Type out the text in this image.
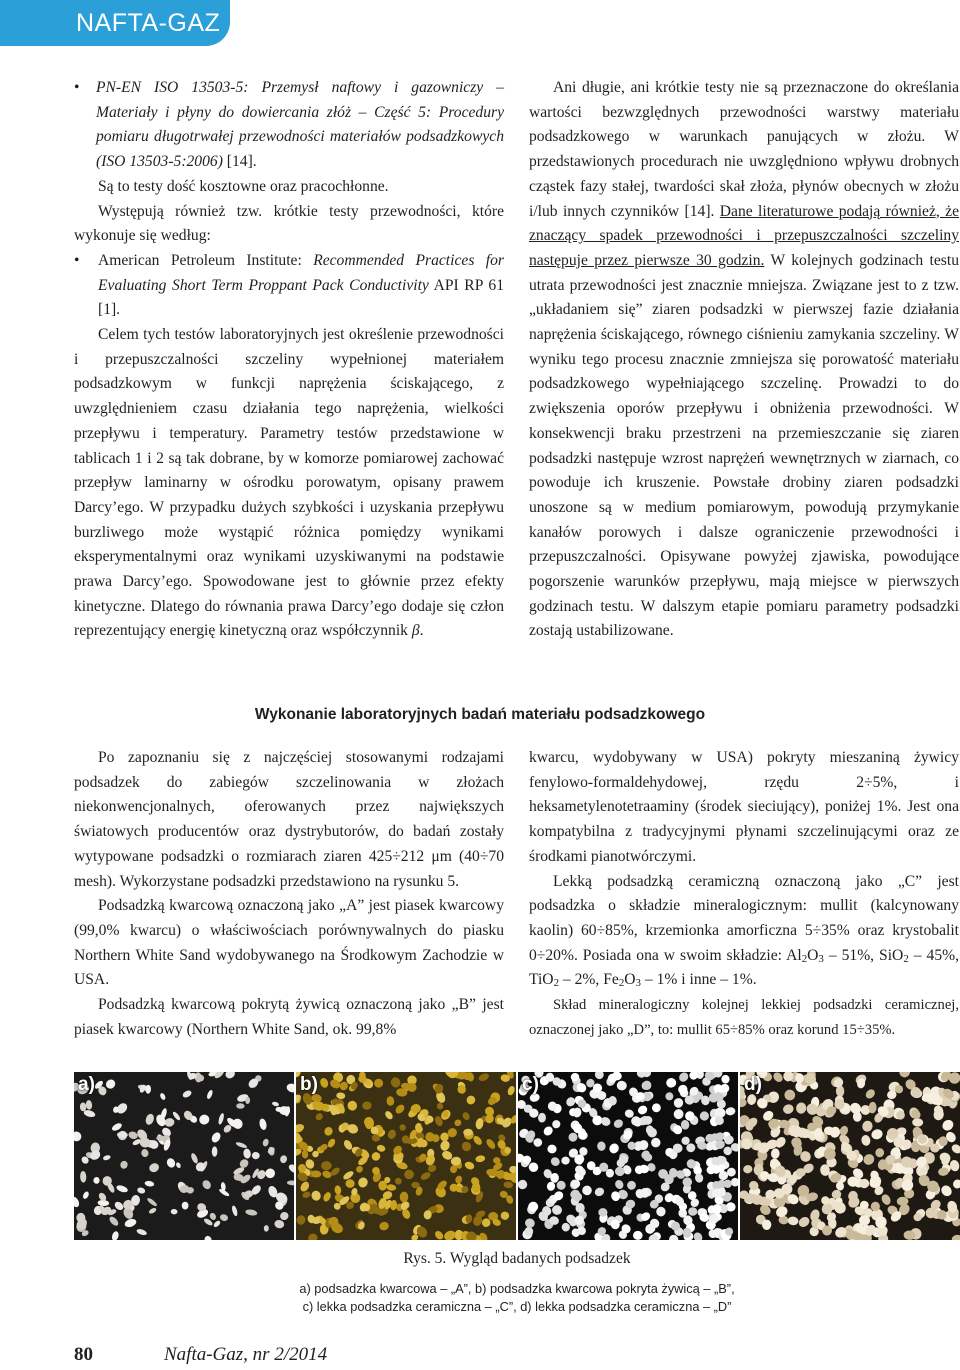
NAFTA-GAZ
• PN-EN ISO 13503-5: Przemysł naftowy i gazowniczy – Materiały i płyny do dowiercania złóż – Część 5: Procedury pomiaru długotrwałej przewodności materiałów podsadzkowych (ISO 13503-5:2006) [14].

Są to testy dość kosztowne oraz pracochłonne.

Występują również tzw. krótkie testy przewodności, które wykonuje się według:

• American Petroleum Institute: Recommended Practices for Evaluating Short Term Proppant Pack Conductivity API RP 61 [1].

Celem tych testów laboratoryjnych jest określenie przewodności i przepuszczalności szczeliny wypełnionej materiałem podsadzkowym w funkcji naprężenia ściskającego, z uwzględnieniem czasu działania tego naprężenia, wielkości przepływu i temperatury. Parametry testów przedstawione w tablicach 1 i 2 są tak dobrane, by w komorze pomiarowej zachować przepływ laminarny w ośrodku porowatym, opisany prawem Darcy’ego. W przypadku dużych szybkości i uzyskania przepływu burzliwego może wystąpić różnica pomiędzy wynikami eksperymentalnymi oraz wynikami uzyskiwanymi na podstawie prawa Darcy’ego. Spowodowane jest to głównie przez efekty kinetyczne. Dlatego do równania prawa Darcy’ego dodaje się człon reprezentujący energię kinetyczną oraz współczynnik β.

Ani długie, ani krótkie testy nie są przeznaczone do określania wartości bezwzględnych przewodności warstwy materiału podsadzkowego w warunkach panujących w złożu. W przedstawionych procedurach nie uwzględniono wpływu drobnych cząstek fazy stałej, twardości skał złoża, płynów obecnych w złożu i/lub innych czynników [14]. Dane literaturowe podają również, że znaczący spadek przewodności i przepuszczalności szczeliny następuje przez pierwsze 30 godzin. W kolejnych godzinach testu utrata przewodności jest znacznie mniejsza. Związane jest to z tzw. „układaniem się” ziaren podsadzki w pierwszej fazie działania naprężenia ściskającego, równego ciśnieniu zamykania szczeliny. W wyniku tego procesu znacznie zmniejsza się porowatość materiału podsadzkowego wypełniającego szczelinę. Prowadzi to do zwiększenia oporów przepływu i obniżenia przewodności. W konsekwencji braku przestrzeni na przemieszczanie się ziaren podsadzki następuje wzrost naprężeń wewnętrznych w ziarnach, co powoduje ich kruszenie. Powstałe drobiny ziaren podsadzki unoszone są w medium pomiarowym, powodują przymykanie kanałów porowych i dalsze ograniczenie przewodności i przepuszczalności. Opisywane powyżej zjawiska, powodujące pogorszenie warunków przepływu, mają miejsce w pierwszych godzinach testu. W dalszym etapie pomiaru parametry podsadzki zostają ustabilizowane.

Wykonanie laboratoryjnych badań materiału podsadzkowego

Po zapoznaniu się z najczęściej stosowanymi rodzajami podsadzek do zabiegów szczelinowania w złożach niekonwencjonalnych, oferowanych przez największych światowych producentów oraz dystrybutorów, do badań zostały wytypowane podsadzki o rozmiarach ziaren 425÷212 μm (40÷70 mesh). Wykorzystane podsadzki przedstawiono na rysunku 5.

Podsadzką kwarcową oznaczoną jako „A” jest piasek kwarcowy (99,0% kwarcu) o właściwościach porównywalnych do piasku Northern White Sand wydobywanego na Środkowym Zachodzie w USA.

Podsadzką kwarcową pokrytą żywicą oznaczoną jako „B” jest piasek kwarcowy (Northern White Sand, ok. 99,8%

kwarcu, wydobywany w USA) pokryty mieszaniną żywicy fenylowo-formaldehydowej, rzędu 2÷5%, i heksametylenotetraaminy (środek sieciujący), poniżej 1%. Jest ona kompatybilna z tradycyjnymi płynami szczelinującymi oraz ze środkami pianotwórczymi.

Lekką podsadzką ceramiczną oznaczoną jako „C” jest podsadzka o składzie mineralogicznym: mullit (kalcynowany kaolin) 60÷85%, krzemionka amorficzna 5÷35% oraz krystobalit 0÷20%. Posiada ona w swoim składzie: $Al_2O_3 - 51\%$, SiO$_2$ – 45%, TiO$_2$ – 2%, $Fe_2O_3 - 1\%$ i inne – 1%.

Skład mineralogiczny kolejnej lekkiej podsadzki ceramicznej, oznaczonej jako „D”, to: mullit 65÷85% oraz korund 15÷35%.

a)	b)	c)	d)
Rys. 5. Wygląd badanych podsadzek
a) podsadzka kwarcowa – „A”, b) podsadzka kwarcowa pokryta żywicą – „B”,
c) lekka podsadzka ceramiczna – „C”, d) lekka podsadzka ceramiczna – „D”
80	Nafta-Gaz, nr 2/2014
